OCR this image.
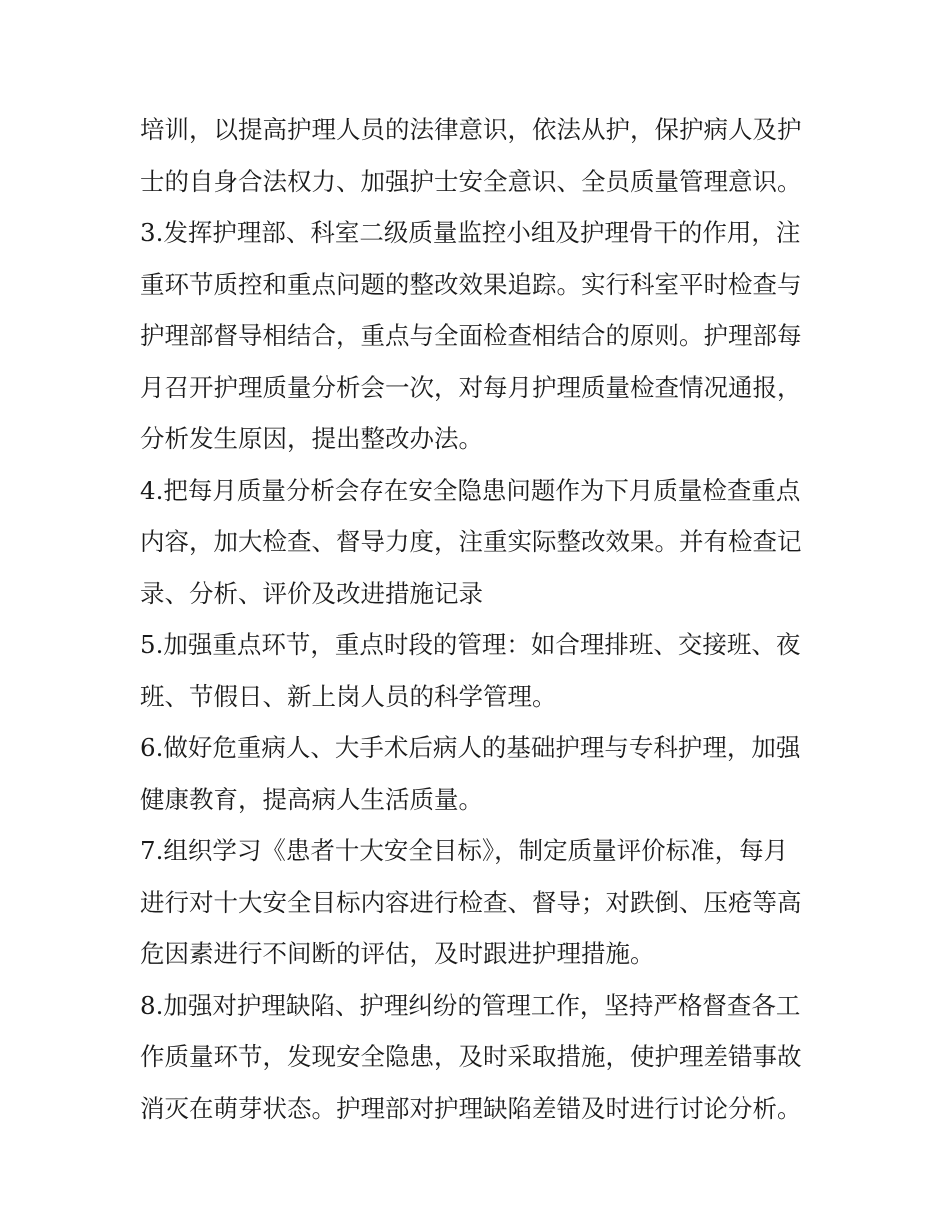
培训，以提高护理人员的法律意识，依法从护，保护病人及护
士的自身合法权力、加强护士安全意识、全员质量管理意识。
3.发挥护理部、科室二级质量监控小组及护理骨干的作用，注
重环节质控和重点问题的整改效果追踪。实行科室平时检查与
护理部督导相结合，重点与全面检查相结合的原则。护理部每
月召开护理质量分析会一次，对每月护理质量检查情况通报，
分析发生原因，提出整改办法。
4.把每月质量分析会存在安全隐患问题作为下月质量检查重点
内容，加大检查、督导力度，注重实际整改效果。并有检查记
录、分析、评价及改进措施记录
5.加强重点环节，重点时段的管理：如合理排班、交接班、夜
班、节假日、新上岗人员的科学管理。
6.做好危重病人、大手术后病人的基础护理与专科护理，加强
健康教育，提高病人生活质量。
7.组织学习《患者十大安全目标》，制定质量评价标准，每月
进行对十大安全目标内容进行检查、督导；对跌倒、压疮等高
危因素进行不间断的评估，及时跟进护理措施。
8.加强对护理缺陷、护理纠纷的管理工作，坚持严格督查各工
作质量环节，发现安全隐患，及时采取措施，使护理差错事故
消灭在萌芽状态。护理部对护理缺陷差错及时进行讨论分析。
